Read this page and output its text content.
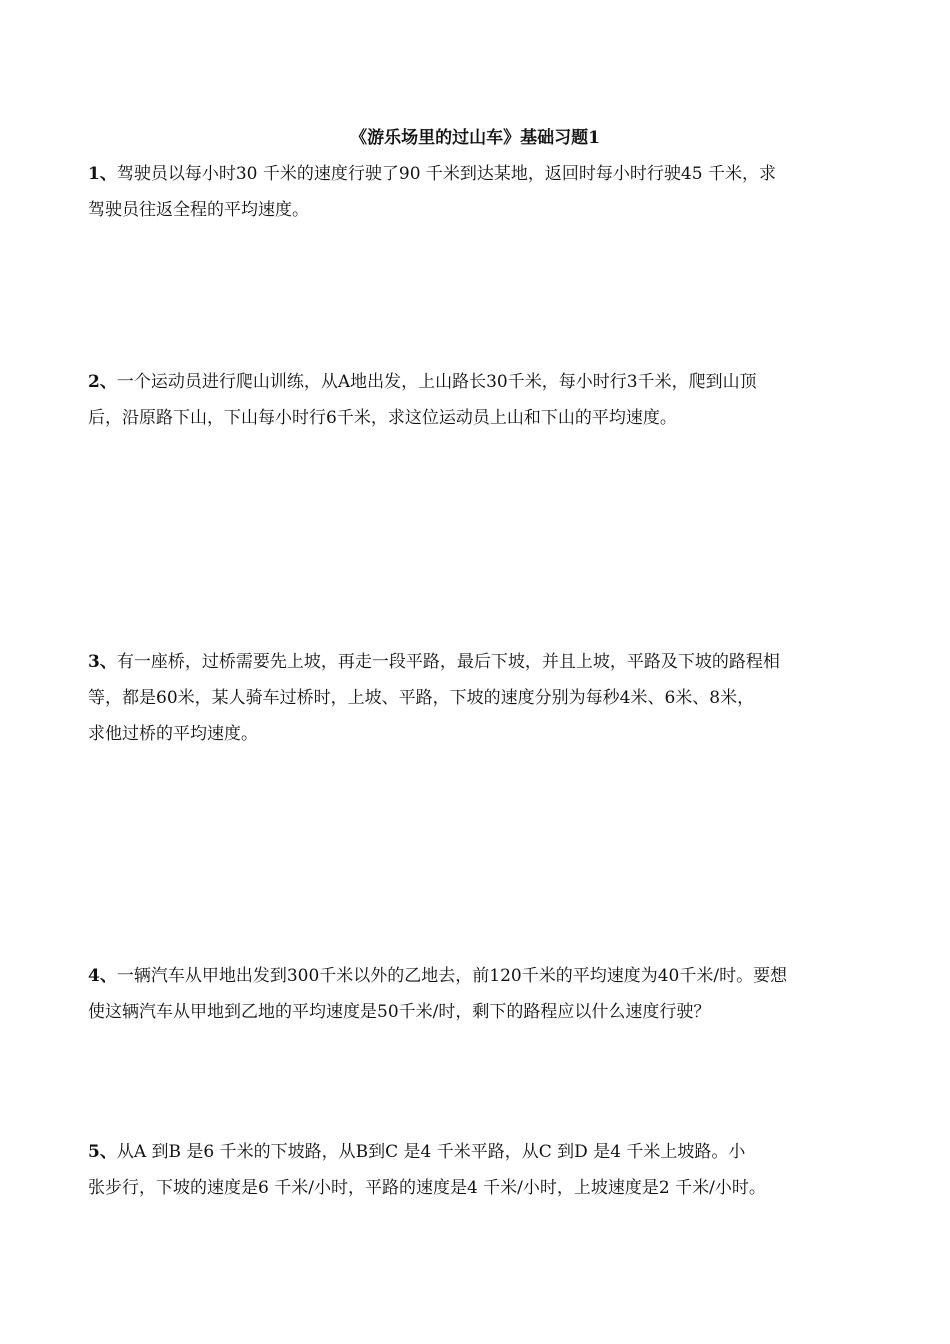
《游乐场里的过山车》基础习题1
1、驾驶员以每小时30 千米的速度行驶了90 千米到达某地，返回时每小时行驶45 千米，求
驾驶员往返全程的平均速度。
2、一个运动员进行爬山训练，从A地出发，上山路长30千米，每小时行3千米，爬到山顶
后，沿原路下山，下山每小时行6千米，求这位运动员上山和下山的平均速度。
3、有一座桥，过桥需要先上坡，再走一段平路，最后下坡，并且上坡，平路及下坡的路程相
等，都是60米，某人骑车过桥时，上坡、平路，下坡的速度分别为每秒4米、6米、8米，
求他过桥的平均速度。
4、一辆汽车从甲地出发到300千米以外的乙地去，前120千米的平均速度为40千米/时。要想
使这辆汽车从甲地到乙地的平均速度是50千米/时，剩下的路程应以什么速度行驶？
5、从A 到B 是6 千米的下坡路，从B到C 是4 千米平路，从C 到D 是4 千米上坡路。小
张步行，下坡的速度是6 千米/小时，平路的速度是4 千米/小时，上坡速度是2 千米/小时。
